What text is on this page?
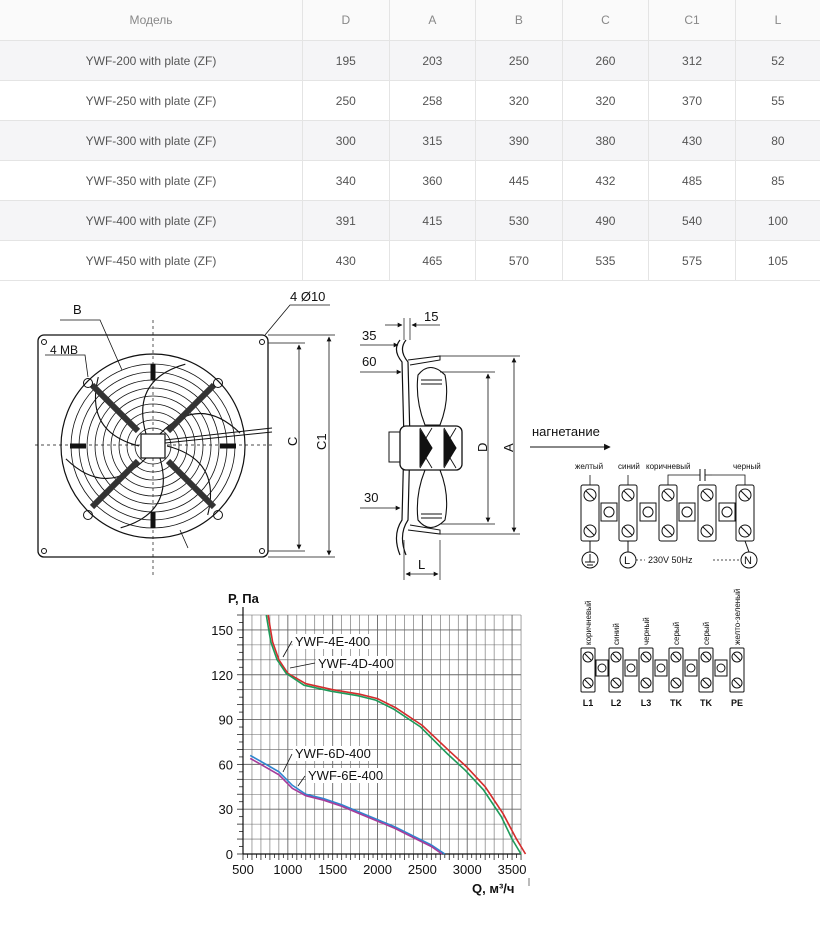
Модель	D	A	B	C	C1	L
YWF-200 with plate (ZF)	195	203	250	260	312	52
YWF-250 with plate (ZF)	250	258	320	320	370	55
YWF-300 with plate (ZF)	300	315	390	380	430	80
YWF-350 with plate (ZF)	340	360	445	432	485	85
YWF-400 with plate (ZF)	391	415	530	490	540	100
YWF-450 with plate (ZF)	430	465	570	535	575	105
B
4 MB
4 Ø10
C C1
35
15
60
30
D A
L
нагнетание
желтый синий коричневый	черный
L	N
230V 50Hz
коричневый
L1
синий
L2
черный
L3
серый
TK
серый
TK
желто-зеленый
PE
500 1000 1500 2000 2500 3000 3500
0
30
60
90
120
150
YWF-4E-400
YWF-4D-400
YWF-6D-400
YWF-6E-400
P, Па
Q, м³/ч
